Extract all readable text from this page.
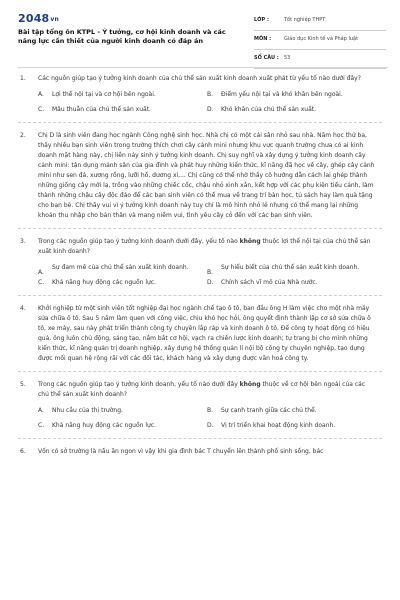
2048vn
Bài tập tổng ôn KTPL - Ý tưởng, cơ hội kinh doanh và các năng lực cần thiết của người kinh doanh có đáp án
LỚP :	Tốt nghiệp THPT
MÔN :	Giáo dục Kinh tế và Pháp luật
SỐ CÂU : 53
1. Các nguồn giúp tạo ý tưởng kinh doanh của chủ thể sản xuất kinh doanh xuất phát từ yếu tố nào dưới đây?

A. Lợi thế nội tại và cơ hội bên ngoài.	B. Điểm yếu nội tại và khó khăn bên ngoài.
C. Mâu thuẫn của chủ thể sản xuất.	D. Khó khăn của chủ thể sản xuất.
2. Chị D là sinh viên đang học ngành Công nghệ sinh học. Nhà chị có một cái sân nhỏ sau nhà. Năm học thứ ba, thấy nhiều bạn sinh viên trong trường thích chơi cây cảnh mini nhưng khu vực quanh trường chưa có ai kinh doanh mặt hàng này, chị liền nảy sinh ý tưởng kinh doanh. Chị suy nghĩ và xây dựng ý tưởng kinh doanh cây cảnh mini: tận dụng mảnh sân của gia đình và phát huy những kiến thức, kĩ năng đã học về cây, ghép cây cảnh mini như sen đá, xương rồng, lưỡi hổ, dương xỉ,... Chị cũng có thể nhờ thầy cô hướng dẫn cách lai ghép thành những giống cây mới lạ, trồng vào những chiếc cốc, chậu nhỏ xinh xắn, kết hợp với các phụ kiện tiểu cảnh, làm thành những chậu cây độc đáo để các bạn sinh viên có thể mua về trang trí bàn học, tủ sách hay làm quà tặng cho bạn bè. Chị thấy vui vì ý tưởng kinh doanh này tuy chỉ là mô hình nhỏ lẻ nhưng có thể mang lại những khoản thu nhập cho bản thân và mang niềm vui, tình yêu cây cỏ đến với các bạn sinh viên.

3. Trong các nguồn giúp tạo ý tưởng kinh doanh dưới đây, yếu tố nào không thuộc lợi thế nội tại của chủ thể sản xuất kinh doanh?

A.
Sự đam mê của chủ thể sản xuất kinh doanh.
B.
Sự hiểu biết của chủ thể sản xuất kinh doanh.
C. Khả năng huy động các nguồn lực.	D. Chính sách vĩ mô của Nhà nước.
4. Khởi nghiệp từ một sinh viên tốt nghiệp đại học ngành chế tạo ô tô, ban đầu ông H làm việc cho một nhà máy sửa chữa ô tô. Sau 5 năm làm quen với công việc, chịu khó học hỏi, ông quyết định thành lập cơ sở sửa chữa ô tô, xe máy, sau này phát triển thành công ty chuyên lắp ráp và kinh doanh ô tô. Để công ty hoạt động có hiệu quả, ông luôn chủ động, sáng tạo, nắm bắt cơ hội, vạch ra chiến lược kinh doanh; tự trang bị cho mình những kiến thức, kĩ năng quản trị doanh nghiệp, xây dựng hệ thống quản lí nội bộ công ty chuyên nghiệp, tạo dựng được mối quan hệ rộng rãi với các đối tác, khách hàng và xây dựng được văn hoá công ty.

5. Trong các nguồn giúp tạo ý tưởng kinh doanh, yếu tố nào dưới đây không thuộc về cơ hội bên ngoài của các chủ thể sản xuất kinh doanh?

A. Nhu cầu của thị trường.	B. Sự cạnh tranh giữa các chủ thể.
C. Khả năng huy động các nguồn lực.	D. Vị trí triển khai hoạt động kinh doanh.
6. Vốn có sở trường là nấu ăn ngon vì vậy khi gia đình bác T chuyển lên thành phố sinh sống, bác
